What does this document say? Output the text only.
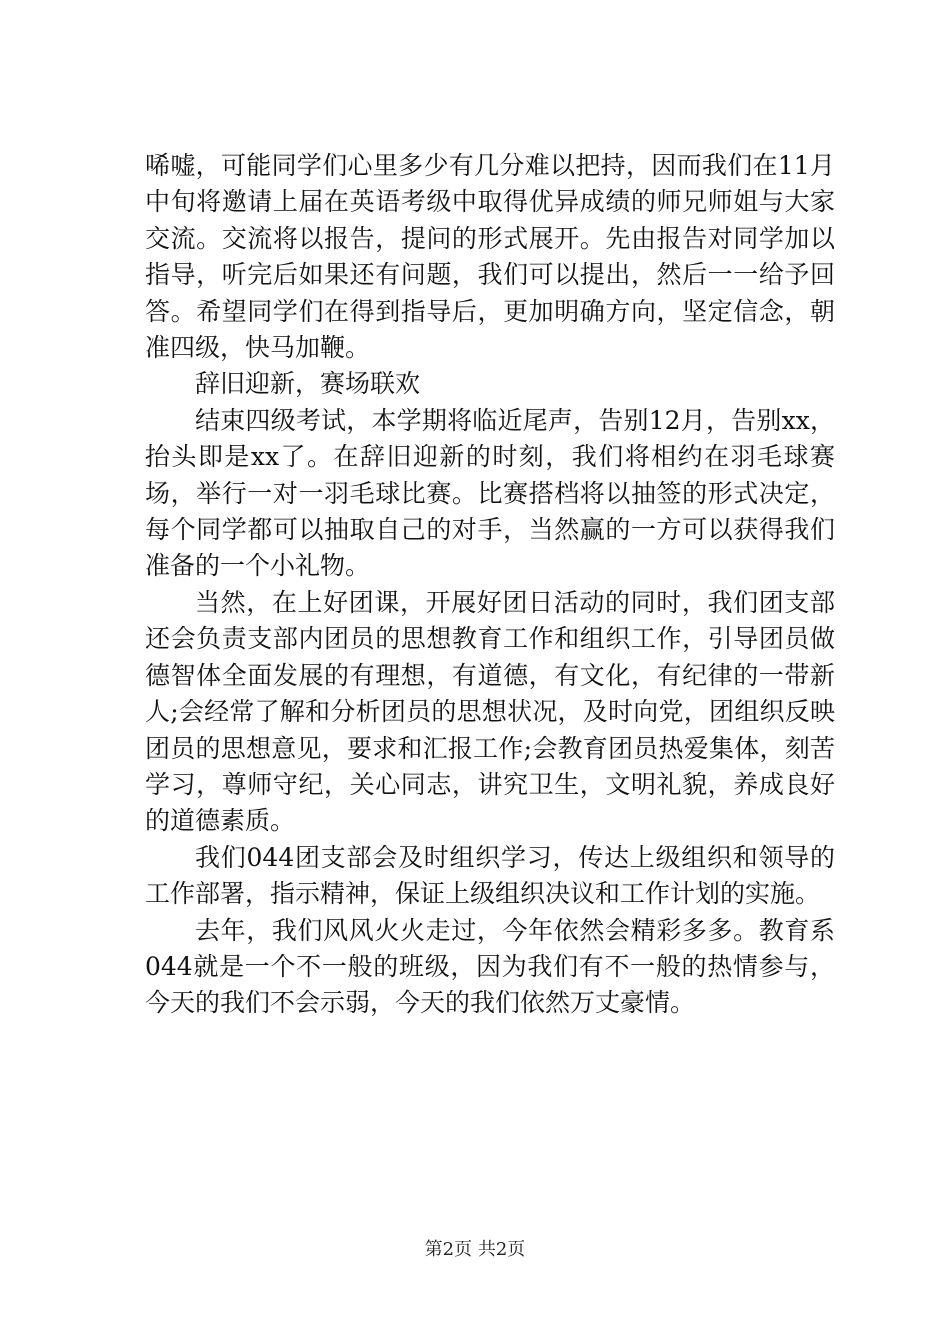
唏嘘，可能同学们心里多少有几分难以把持，因而我们在11月中旬将邀请上届在英语考级中取得优异成绩的师兄师姐与大家交流。交流将以报告，提问的形式展开。先由报告对同学加以指导，听完后如果还有问题，我们可以提出，然后一一给予回答。希望同学们在得到指导后，更加明确方向，坚定信念，朝准四级，快马加鞭。

辞旧迎新，赛场联欢

结束四级考试，本学期将临近尾声，告别12月，告别xx，抬头即是xx了。在辞旧迎新的时刻，我们将相约在羽毛球赛场，举行一对一羽毛球比赛。比赛搭档将以抽签的形式决定，每个同学都可以抽取自己的对手，当然赢的一方可以获得我们准备的一个小礼物。

当然，在上好团课，开展好团日活动的同时，我们团支部还会负责支部内团员的思想教育工作和组织工作，引导团员做德智体全面发展的有理想，有道德，有文化，有纪律的一带新人;会经常了解和分析团员的思想状况，及时向党，团组织反映团员的思想意见，要求和汇报工作;会教育团员热爱集体，刻苦学习，尊师守纪，关心同志，讲究卫生，文明礼貌，养成良好的道德素质。

我们044团支部会及时组织学习，传达上级组织和领导的工作部署，指示精神，保证上级组织决议和工作计划的实施。

去年，我们风风火火走过，今年依然会精彩多多。教育系044就是一个不一般的班级，因为我们有不一般的热情参与，今天的我们不会示弱，今天的我们依然万丈豪情。

第2页 共2页
